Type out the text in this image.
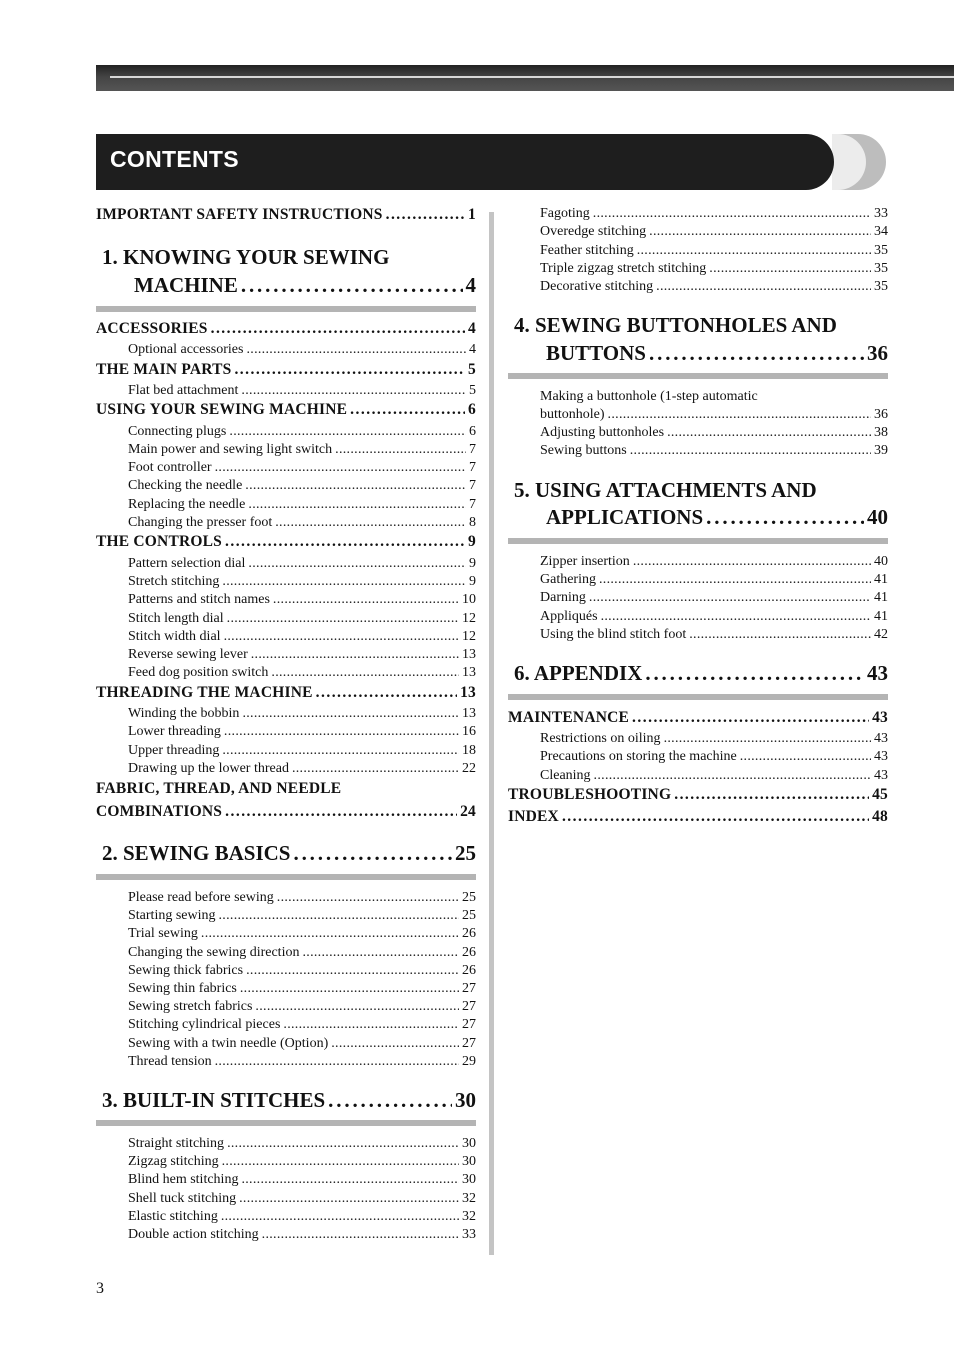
CONTENTS
IMPORTANT SAFETY INSTRUCTIONS . . .	1
1. KNOWING YOUR SEWING
MACHINE . . .	4
ACCESSORIES . . .	4
Optional accessories . . .	4
THE MAIN PARTS . . .	5
Flat bed attachment . . .	5
USING YOUR SEWING MACHINE . . .	6
Connecting plugs . . .	6
Main power and sewing light switch . . .	7
Foot controller . . .	7
Checking the needle . . .	7
Replacing the needle . . .	7
Changing the presser foot . . .	8
THE CONTROLS . . .	9
Pattern selection dial . . .	9
Stretch stitching . . .	9
Patterns and stitch names . . .	10
Stitch length dial . . .	12
Stitch width dial . . .	12
Reverse sewing lever . . .	13
Feed dog position switch . . .	13
THREADING THE MACHINE . . .	13
Winding the bobbin . . .	13
Lower threading . . .	16
Upper threading . . .	18
Drawing up the lower thread . . .	22
FABRIC, THREAD, AND NEEDLE
COMBINATIONS . . .	24
2. SEWING BASICS . . .	25
Please read before sewing . . .	25
Starting sewing . . .	25
Trial sewing . . .	26
Changing the sewing direction . . .	26
Sewing thick fabrics . . .	26
Sewing thin fabrics . . .	27
Sewing stretch fabrics . . .	27
Stitching cylindrical pieces . . .	27
Sewing with a twin needle (Option) . . .	27
Thread tension . . .	29
3. BUILT-IN STITCHES . . .	30
Straight stitching . . .	30
Zigzag stitching . . .	30
Blind hem stitching . . .	30
Shell tuck stitching . . .	32
Elastic stitching . . .	32
Double action stitching . . .	33
Fagoting . . .	33
Overedge stitching . . .	34
Feather stitching . . .	35
Triple zigzag stretch stitching . . .	35
Decorative stitching . . .	35
4. SEWING BUTTONHOLES AND
BUTTONS . . .	36
Making a buttonhole (1-step automatic
buttonhole) . . .	36
Adjusting buttonholes . . .	38
Sewing buttons . . .	39
5. USING ATTACHMENTS AND
APPLICATIONS . . .	40
Zipper insertion . . .	40
Gathering . . .	41
Darning . . .	41
Appliqués . . .	41
Using the blind stitch foot . . .	42
6. APPENDIX . . .	43
MAINTENANCE . . .	43
Restrictions on oiling . . .	43
Precautions on storing the machine . . .	43
Cleaning . . .	43
TROUBLESHOOTING . . .	45
INDEX . . .	48
3
